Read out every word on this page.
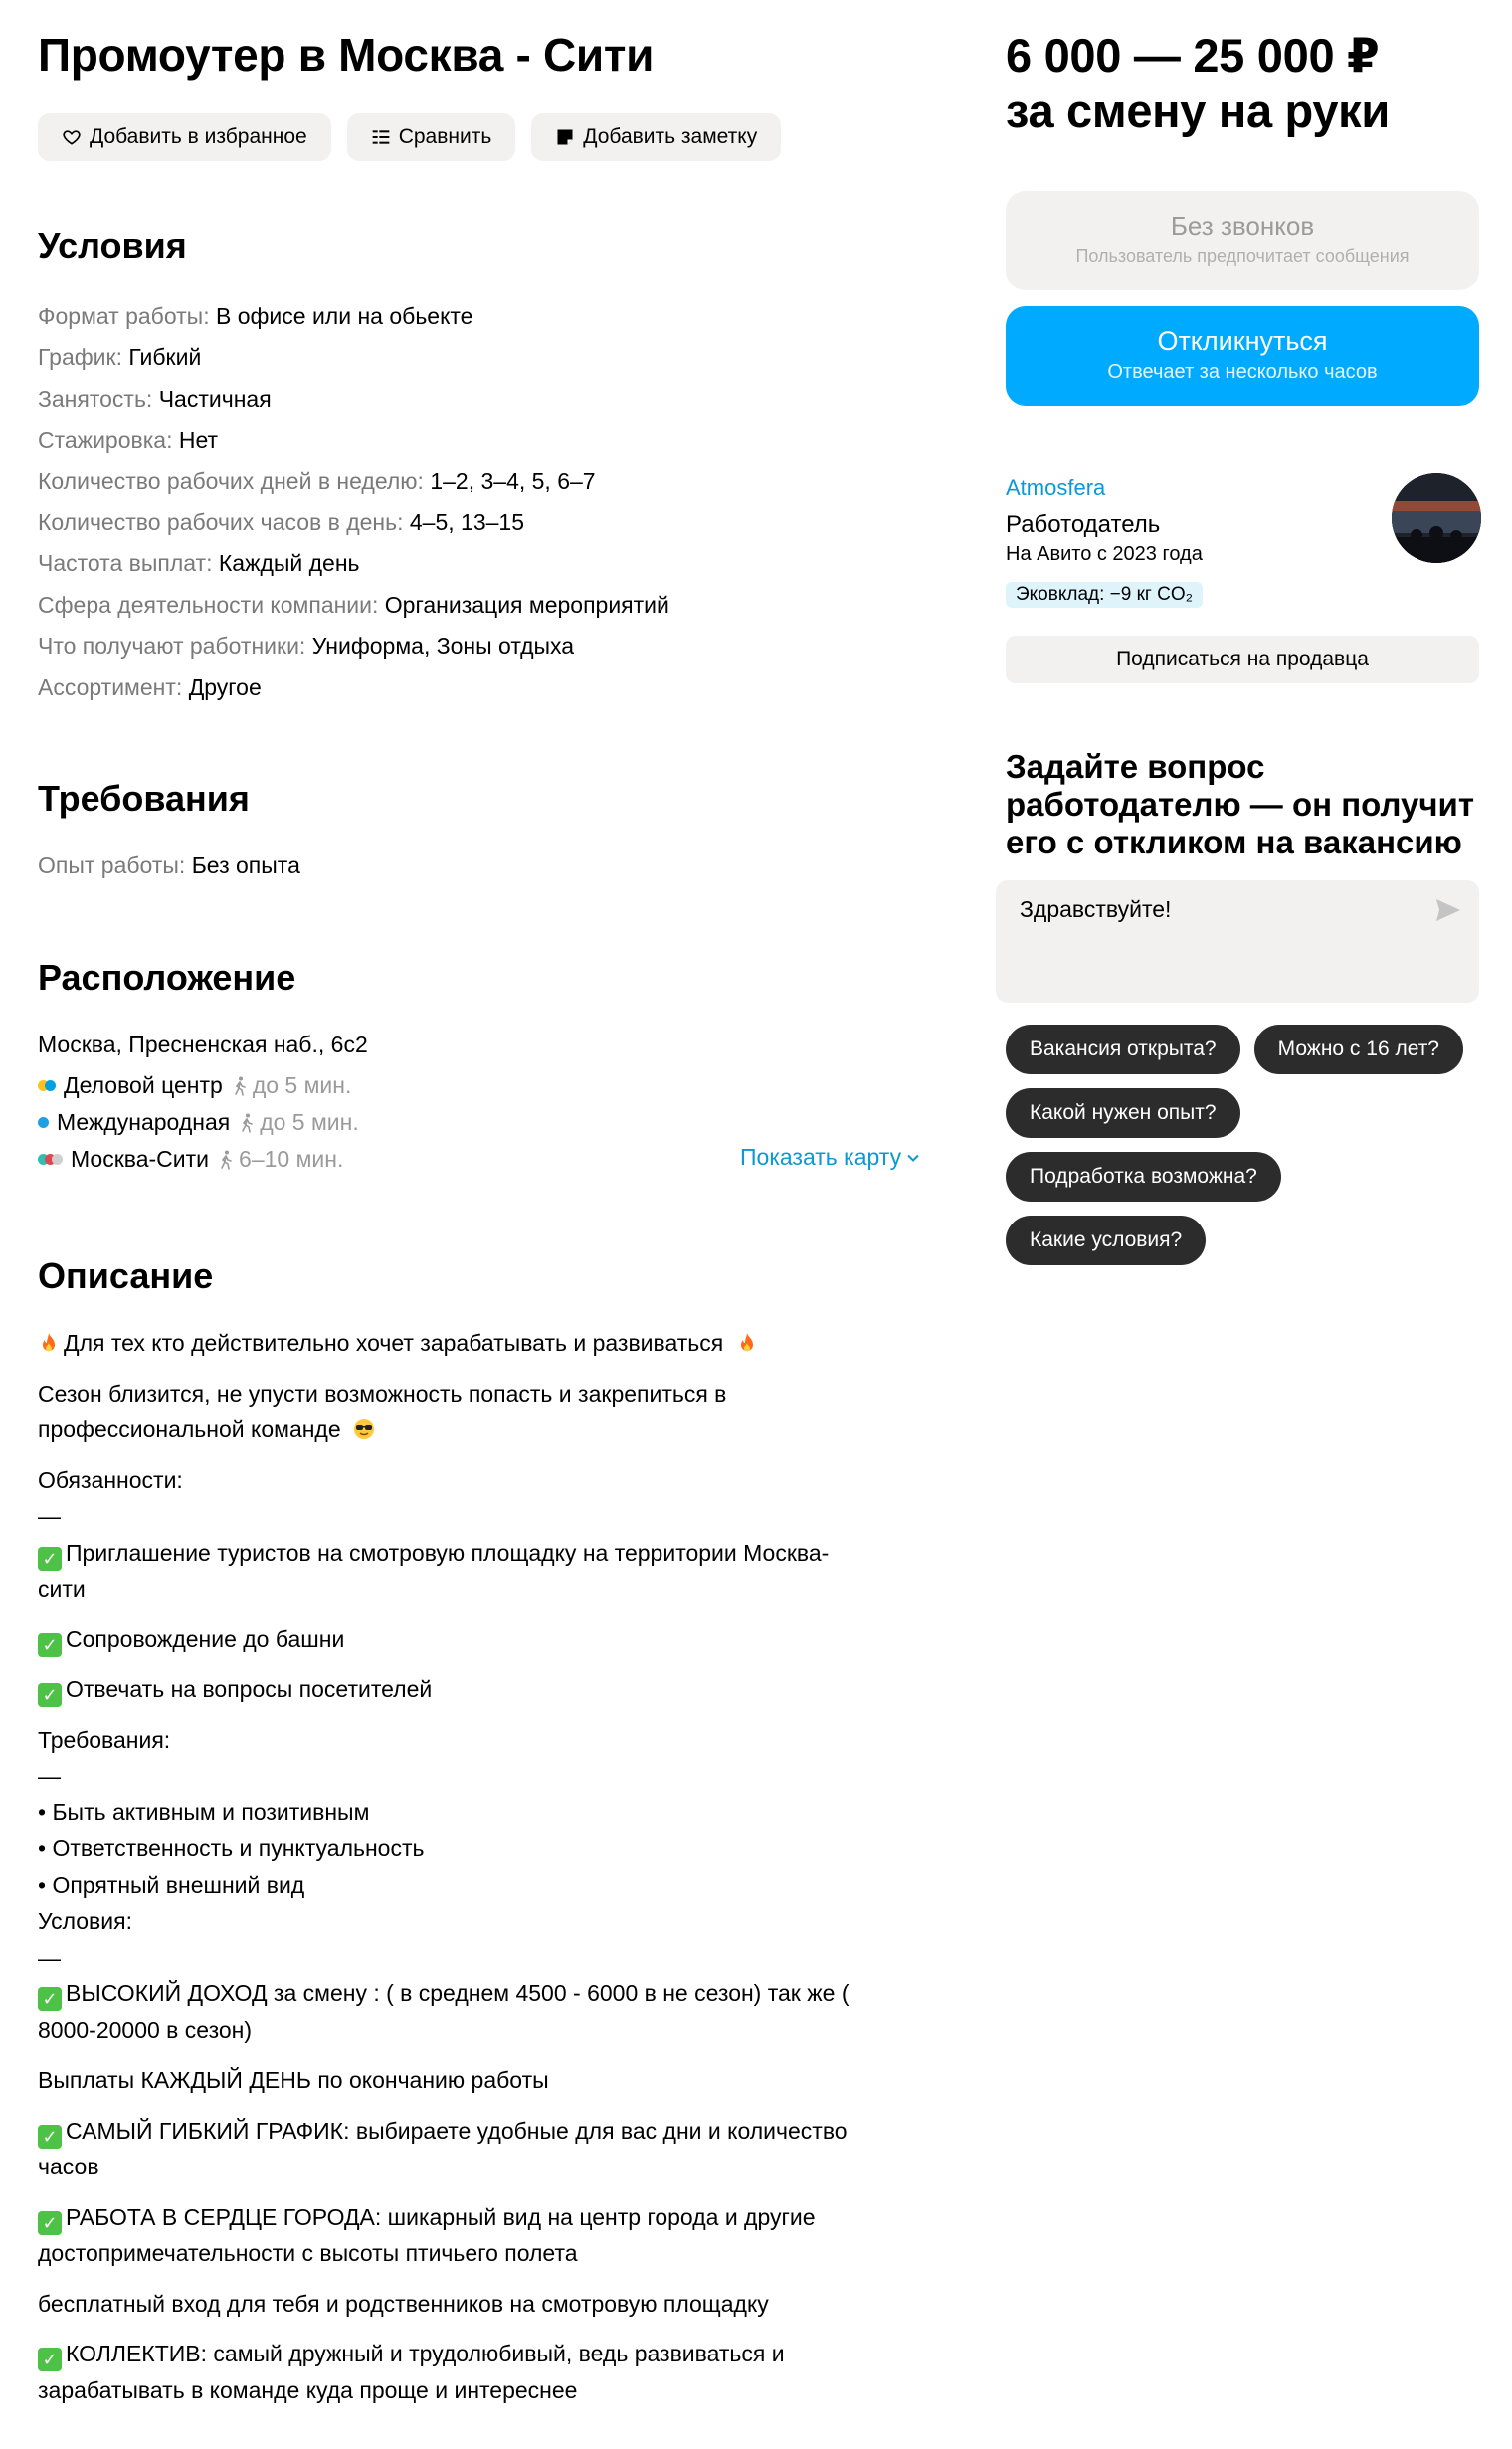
Промоутер в Москва - Сити
Добавить в избранное	Сравнить	Добавить заметку
Условия
Формат работы: В офисе или на обьекте
График: Гибкий
Занятость: Частичная
Стажировка: Нет
Количество рабочих дней в неделю: 1–2, 3–4, 5, 6–7
Количество рабочих часов в день: 4–5, 13–15
Частота выплат: Каждый день
Сфера деятельности компании: Организация мероприятий
Что получают работники: Униформа, Зоны отдыха
Ассортимент: Другое
Требования
Опыт работы: Без опыта
Расположение
Москва, Пресненская наб., 6с2
Деловой центр до 5 мин.
Международная до 5 мин.
Москва-Сити 6–10 мин.	Показать карту
Описание

Для тех кто действительно хочет зарабатывать и развиваться

Сезон близится, не упусти возможность попасть и закрепиться в
профессиональной команде

Обязанности:
—

✓ Приглашение туристов на смотровую площадку на территории Москва-
сити

✓ Сопровождение до башни

✓ Отвечать на вопросы посетителей

Требования:
—
• Быть активным и позитивным
• Ответственность и пунктуальность
• Опрятный внешний вид
Условия:
—

✓ ВЫСОКИЙ ДОХОД за смену : ( в среднем 4500 - 6000 в не сезон) так же (
8000-20000 в сезон)

Выплаты КАЖДЫЙ ДЕНЬ по окончанию работы

✓ САМЫЙ ГИБКИЙ ГРАФИК: выбираете удобные для вас дни и количество
часов

✓ РАБОТА В СЕРДЦЕ ГОРОДА: шикарный вид на центр города и другие
достопримечательности с высоты птичьего полета

бесплатный вход для тебя и родственников на смотровую площадку

✓ КОЛЛЕКТИВ: самый дружный и трудолюбивый, ведь развиваться и
зарабатывать в команде куда проще и интереснее

6 000 — 25 000 ₽
за смену на руки
Без звонков
Пользователь предпочитает сообщения
Откликнуться
Отвечает за несколько часов
Atmosfera
Работодатель
На Авито с 2023 года
Эковклад: −9 кг CO₂
Подписаться на продавца
Задайте вопрос работодателю — он получит его с откликом на вакансию
Здравствуйте!
Вакансия открыта?	Можно с 16 лет?
Какой нужен опыт?
Подработка возможна?
Какие условия?
